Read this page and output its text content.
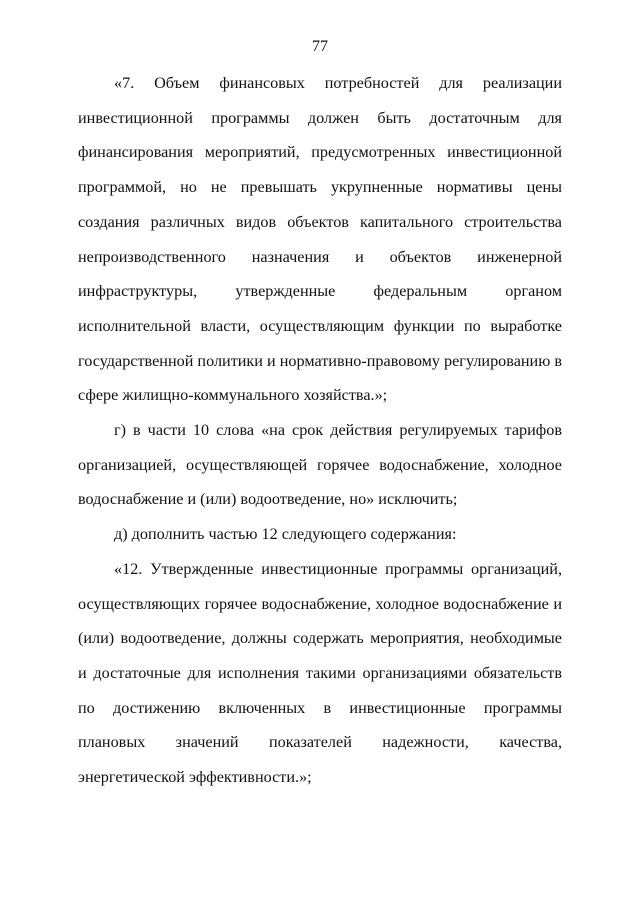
77

«7. Объем финансовых потребностей для реализации инвестиционной программы должен быть достаточным для финансирования мероприятий, предусмотренных инвестиционной программой, но не превышать укрупненные нормативы цены создания различных видов объектов капитального строительства непроизводственного назначения и объектов инженерной инфраструктуры, утвержденные федеральным органом исполнительной власти, осуществляющим функции по выработке государственной политики и нормативно-правовому регулированию в сфере жилищно-коммунального хозяйства.»;

г) в части 10 слова «на срок действия регулируемых тарифов организацией, осуществляющей горячее водоснабжение, холодное водоснабжение и (или) водоотведение, но» исключить;

д) дополнить частью 12 следующего содержания:

«12. Утвержденные инвестиционные программы организаций, осуществляющих горячее водоснабжение, холодное водоснабжение и (или) водоотведение, должны содержать мероприятия, необходимые и достаточные для исполнения такими организациями обязательств по достижению включенных в инвестиционные программы плановых значений показателей надежности, качества, энергетической эффективности.»;
